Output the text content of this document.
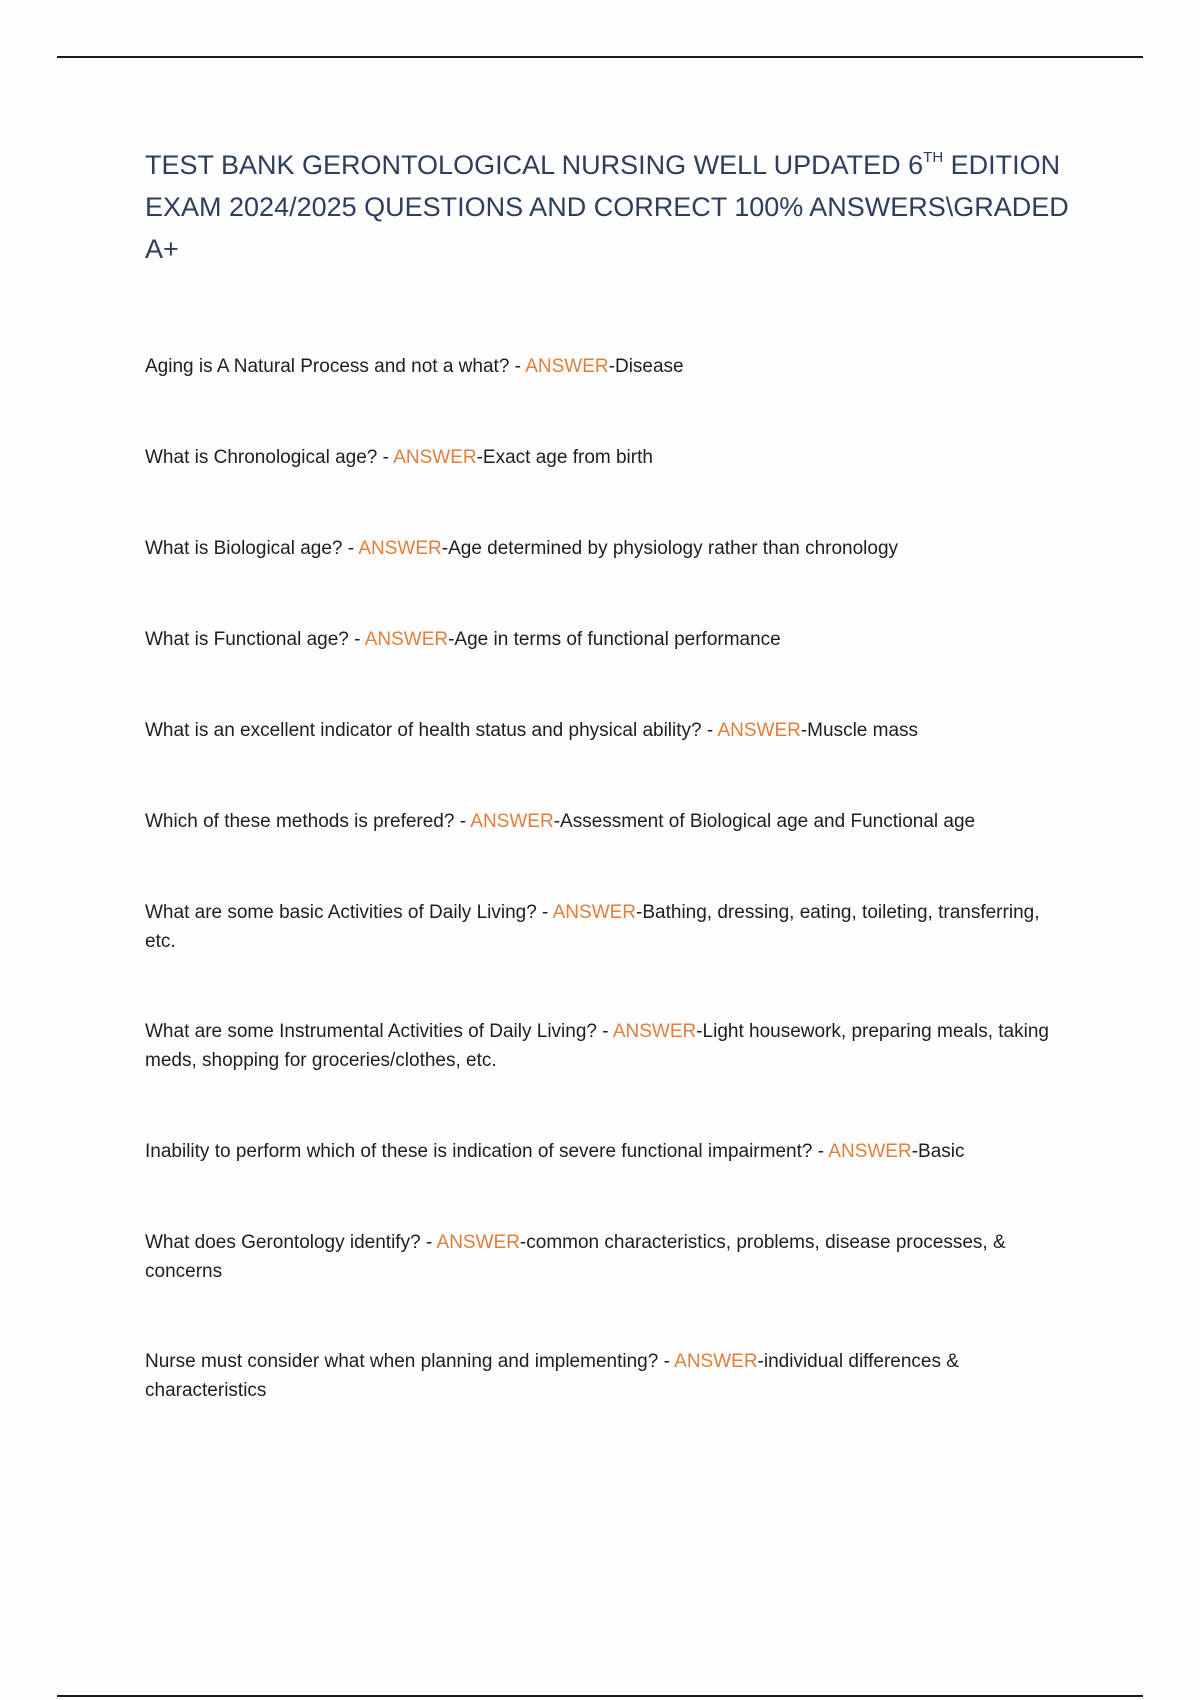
TEST BANK GERONTOLOGICAL NURSING WELL UPDATED 6TH EDITION EXAM 2024/2025 QUESTIONS AND CORRECT 100% ANSWERS\GRADED A+

Aging is A Natural Process and not a what? - ANSWER-Disease

What is Chronological age? - ANSWER-Exact age from birth

What is Biological age? - ANSWER-Age determined by physiology rather than chronology

What is Functional age? - ANSWER-Age in terms of functional performance

What is an excellent indicator of health status and physical ability? - ANSWER-Muscle mass

Which of these methods is prefered? - ANSWER-Assessment of Biological age and Functional age

What are some basic Activities of Daily Living? - ANSWER-Bathing, dressing, eating, toileting, transferring, etc.

What are some Instrumental Activities of Daily Living? - ANSWER-Light housework, preparing meals, taking meds, shopping for groceries/clothes, etc.

Inability to perform which of these is indication of severe functional impairment? - ANSWER-Basic

What does Gerontology identify? - ANSWER-common characteristics, problems, disease processes, & concerns

Nurse must consider what when planning and implementing? - ANSWER-individual differences & characteristics
